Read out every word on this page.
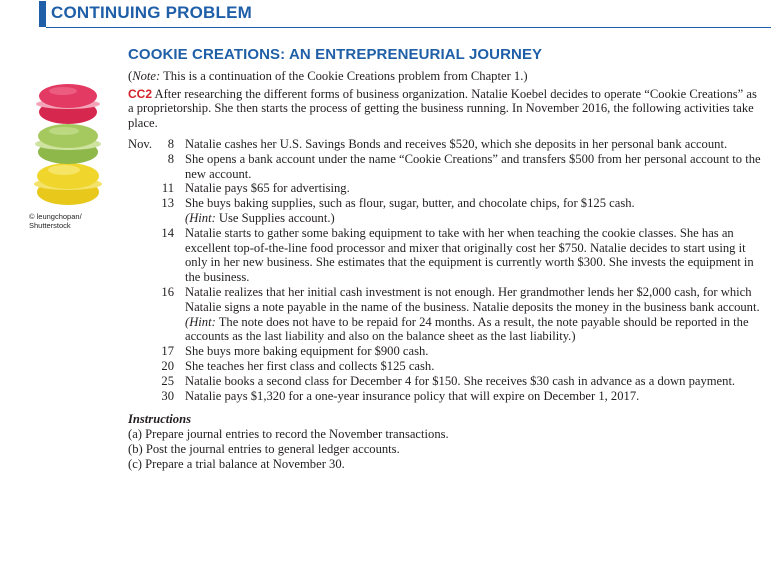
CONTINUING PROBLEM
© leungchopan/
Shutterstock
COOKIE CREATIONS: AN ENTREPRENEURIAL JOURNEY

(Note: This is a continuation of the Cookie Creations problem from Chapter 1.)

CC2 After researching the different forms of business organization. Natalie Koebel decides to operate “Cookie Creations” as a proprietorship. She then starts the process of getting the business running. In November 2016, the following activities take place.

Nov.	8 Natalie cashes her U.S. Savings Bonds and receives $520, which she deposits in her personal bank account.
8 She opens a bank account under the name “Cookie Creations” and transfers $500 from her personal account to the new account.
11 Natalie pays $65 for advertising.
13 She buys baking supplies, such as flour, sugar, butter, and chocolate chips, for $125 cash.
(Hint: Use Supplies account.)
14 Natalie starts to gather some baking equipment to take with her when teaching the cookie classes. She has an excellent top-of-the-line food processor and mixer that originally cost her $750. Natalie decides to start using it only in her new business. She estimates that the equipment is currently worth $300. She invests the equipment in the business.
16 Natalie realizes that her initial cash investment is not enough. Her grandmother lends her $2,000 cash, for which Natalie signs a note payable in the name of the business. Natalie deposits the money in the business bank account. (Hint: The note does not have to be repaid for 24 months. As a result, the note payable should be reported in the accounts as the last liability and also on the balance sheet as the last liability.)
17 She buys more baking equipment for $900 cash.
20 She teaches her first class and collects $125 cash.
25 Natalie books a second class for December 4 for $150. She receives $30 cash in advance as a down payment.
30 Natalie pays $1,320 for a one-year insurance policy that will expire on December 1, 2017.
Instructions

(a) Prepare journal entries to record the November transactions.

(b) Post the journal entries to general ledger accounts.

(c) Prepare a trial balance at November 30.
